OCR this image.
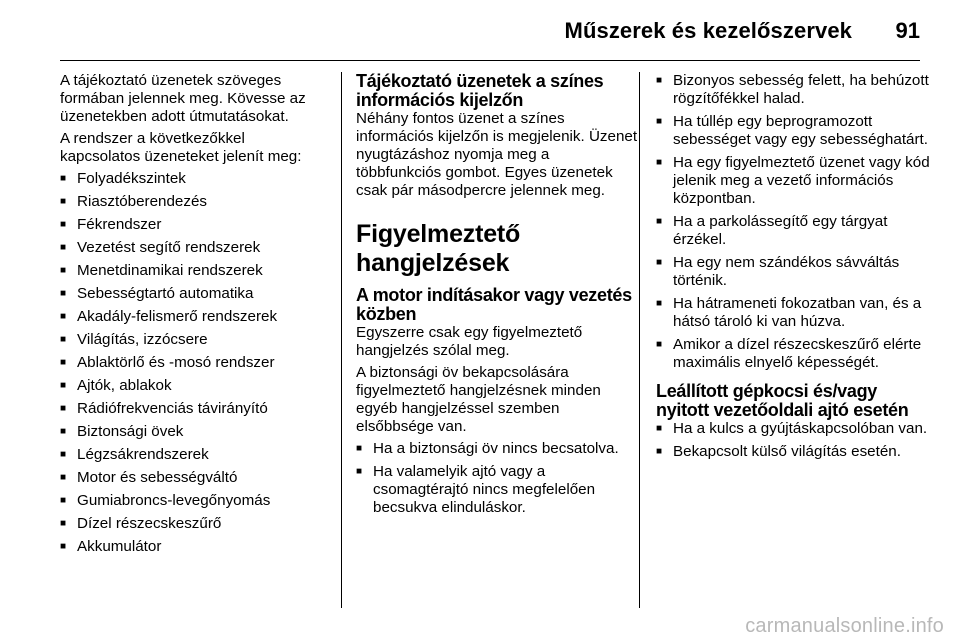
Műszerek és kezelőszervek 91

A tájékoztató üzenetek szöveges formában jelennek meg. Kövesse az üzenetekben adott útmutatásokat.

A rendszer a következőkkel kapcsolatos üzeneteket jelenít meg:

■ Folyadékszintek
■ Riasztóberendezés
■ Fékrendszer
■ Vezetést segítő rendszerek
■ Menetdinamikai rendszerek
■ Sebességtartó automatika
■ Akadály-felismerő rendszerek
■ Világítás, izzócsere
■ Ablaktörlő és -mosó rendszer
■ Ajtók, ablakok
■ Rádiófrekvenciás távirányító
■ Biztonsági övek
■ Légzsákrendszerek
■ Motor és sebességváltó
■ Gumiabroncs-levegőnyomás
■ Dízel részecskeszűrő
■ Akkumulátor
Tájékoztató üzenetek a színes információs kijelzőn

Néhány fontos üzenet a színes információs kijelzőn is megjelenik. Üzenet nyugtázáshoz nyomja meg a többfunkciós gombot. Egyes üzenetek csak pár másodpercre jelennek meg.

Figyelmeztető hangjelzések
A motor indításakor vagy vezetés közben

Egyszerre csak egy figyelmeztető hangjelzés szólal meg.

A biztonsági öv bekapcsolására figyelmeztető hangjelzésnek minden egyéb hangjelzéssel szemben elsőbbsége van.

■ Ha a biztonsági öv nincs becsatolva.
■ Ha valamelyik ajtó vagy a csomagtérajtó nincs megfelelően becsukva elinduláskor.
■ Bizonyos sebesség felett, ha behúzott rögzítőfékkel halad.
■ Ha túllép egy beprogramozott sebességet vagy egy sebességhatárt.
■ Ha egy figyelmeztető üzenet vagy kód jelenik meg a vezető információs központban.
■ Ha a parkolássegítő egy tárgyat érzékel.
■ Ha egy nem szándékos sávváltás történik.
■ Ha hátrameneti fokozatban van, és a hátsó tároló ki van húzva.
■ Amikor a dízel részecskeszűrő elérte maximális elnyelő képességét.
Leállított gépkocsi és/vagy nyitott vezetőoldali ajtó esetén
■ Ha a kulcs a gyújtáskapcsolóban van.
■ Bekapcsolt külső világítás esetén.
carmanualsonline.info
